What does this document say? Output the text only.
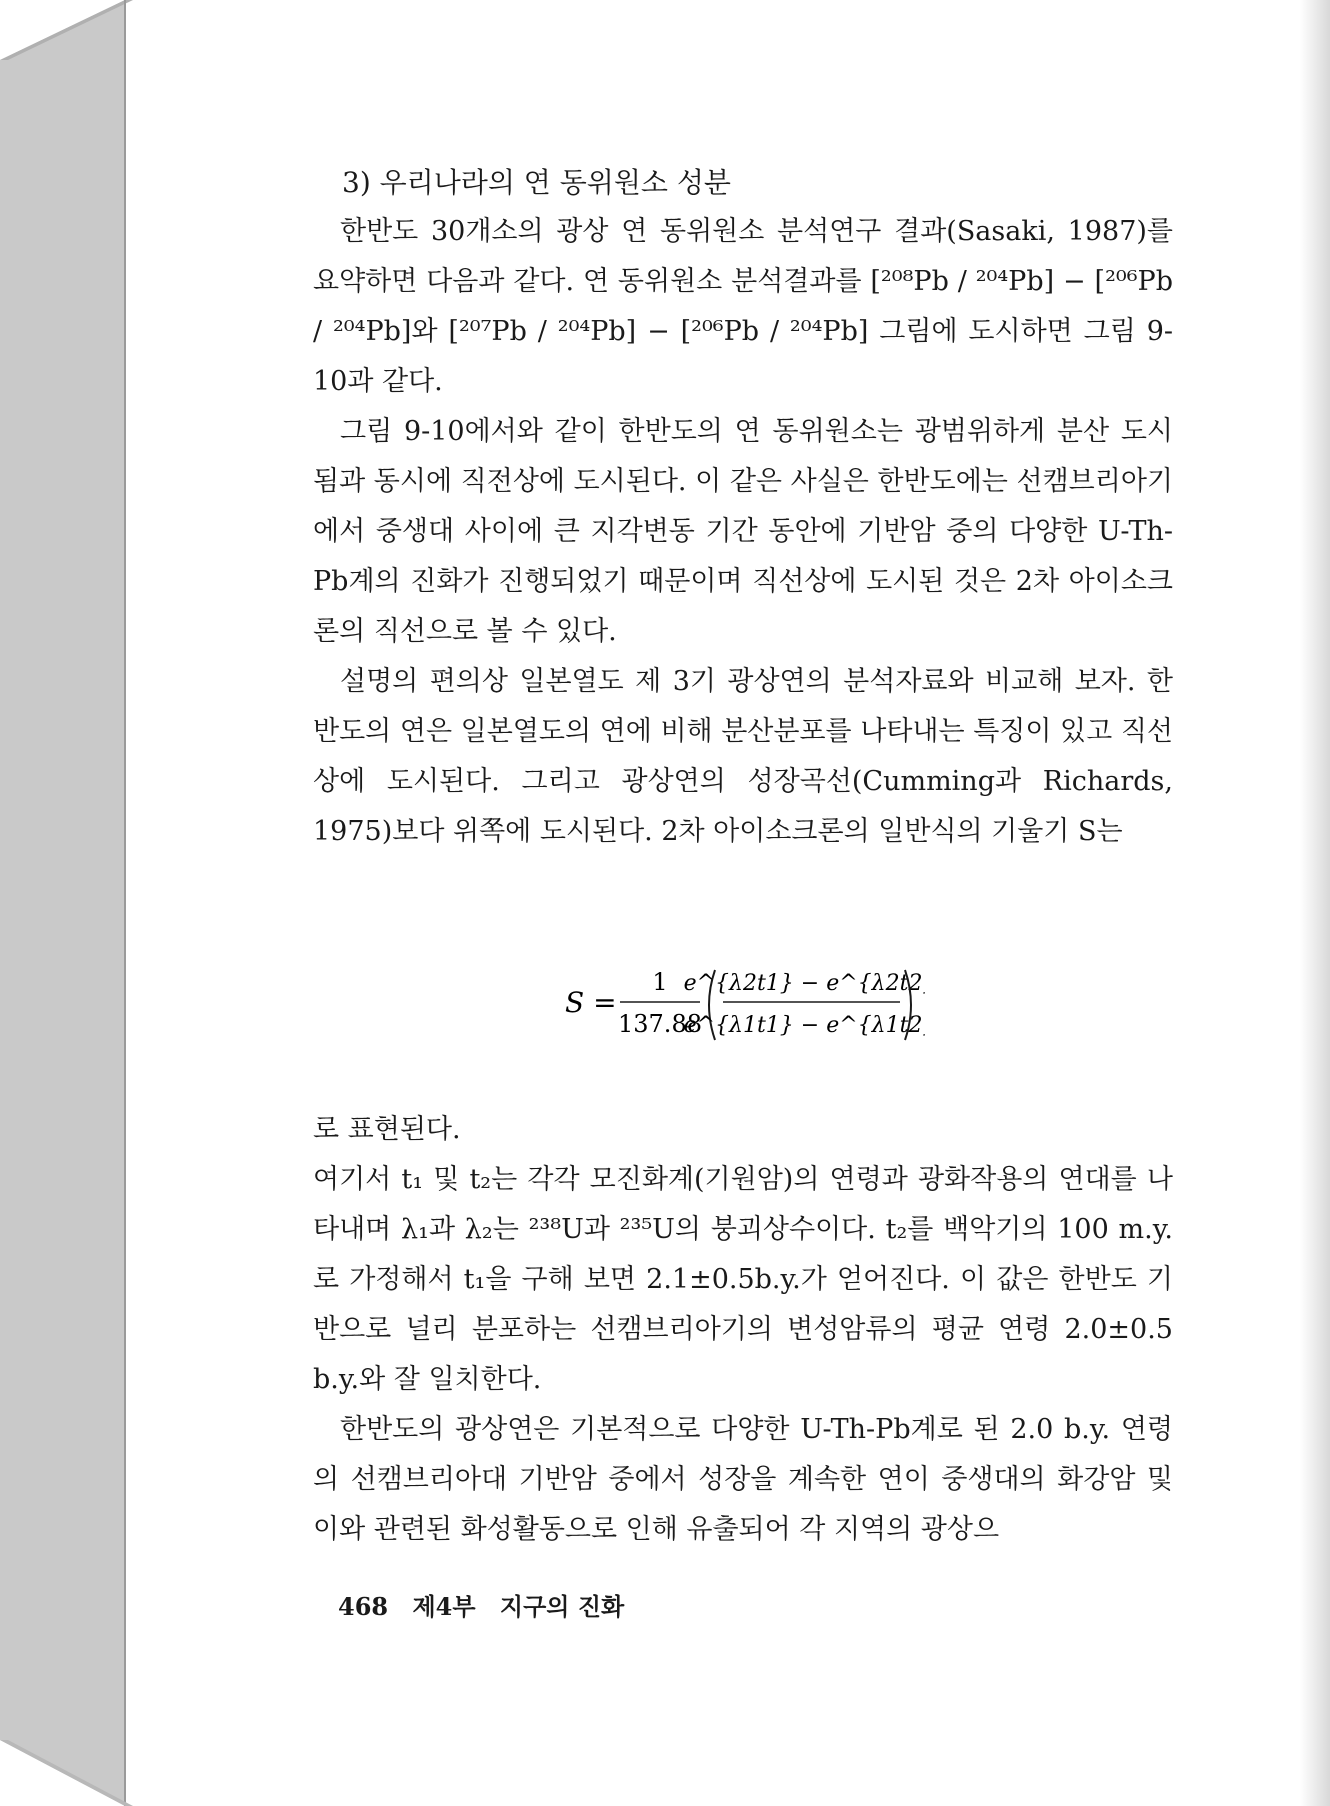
3) 우리나라의 연 동위원소 성분

한반도 30개소의 광상 연 동위원소 분석연구 결과(Sasaki, 1987)를 요약하면 다음과 같다. 연 동위원소 분석결과를 [²⁰⁸Pb / ²⁰⁴Pb] − [²⁰⁶Pb / ²⁰⁴Pb]와 [²⁰⁷Pb / ²⁰⁴Pb] − [²⁰⁶Pb / ²⁰⁴Pb] 그림에 도시하면 그림 9-10과 같다.

그림 9-10에서와 같이 한반도의 연 동위원소는 광범위하게 분산 도시됨과 동시에 직전상에 도시된다. 이 같은 사실은 한반도에는 선캠브리아기에서 중생대 사이에 큰 지각변동 기간 동안에 기반암 중의 다양한 U-Th-Pb계의 진화가 진행되었기 때문이며 직선상에 도시된 것은 2차 아이소크론의 직선으로 볼 수 있다.

설명의 편의상 일본열도 제 3기 광상연의 분석자료와 비교해 보자. 한반도의 연은 일본열도의 연에 비해 분산분포를 나타내는 특징이 있고 직선상에 도시된다. 그리고 광상연의 성장곡선(Cumming과 Richards, 1975)보다 위쪽에 도시된다. 2차 아이소크론의 일반식의 기울기 S는

S =
1
137.88
e^{λ2t1} − e^{λ2t2}
e^{λ1t1} − e^{λ1t2}

로 표현된다.

여기서 t₁ 및 t₂는 각각 모진화계(기원암)의 연령과 광화작용의 연대를 나타내며 λ₁과 λ₂는 ²³⁸U과 ²³⁵U의 붕괴상수이다. t₂를 백악기의 100 m.y. 로 가정해서 t₁을 구해 보면 2.1±0.5b.y.가 얻어진다. 이 값은 한반도 기반으로 널리 분포하는 선캠브리아기의 변성암류의 평균 연령 2.0±0.5 b.y.와 잘 일치한다.

한반도의 광상연은 기본적으로 다양한 U-Th-Pb계로 된 2.0 b.y. 연령의 선캠브리아대 기반암 중에서 성장을 계속한 연이 중생대의 화강암 및 이와 관련된 화성활동으로 인해 유출되어 각 지역의 광상으

468 제4부 지구의 진화
